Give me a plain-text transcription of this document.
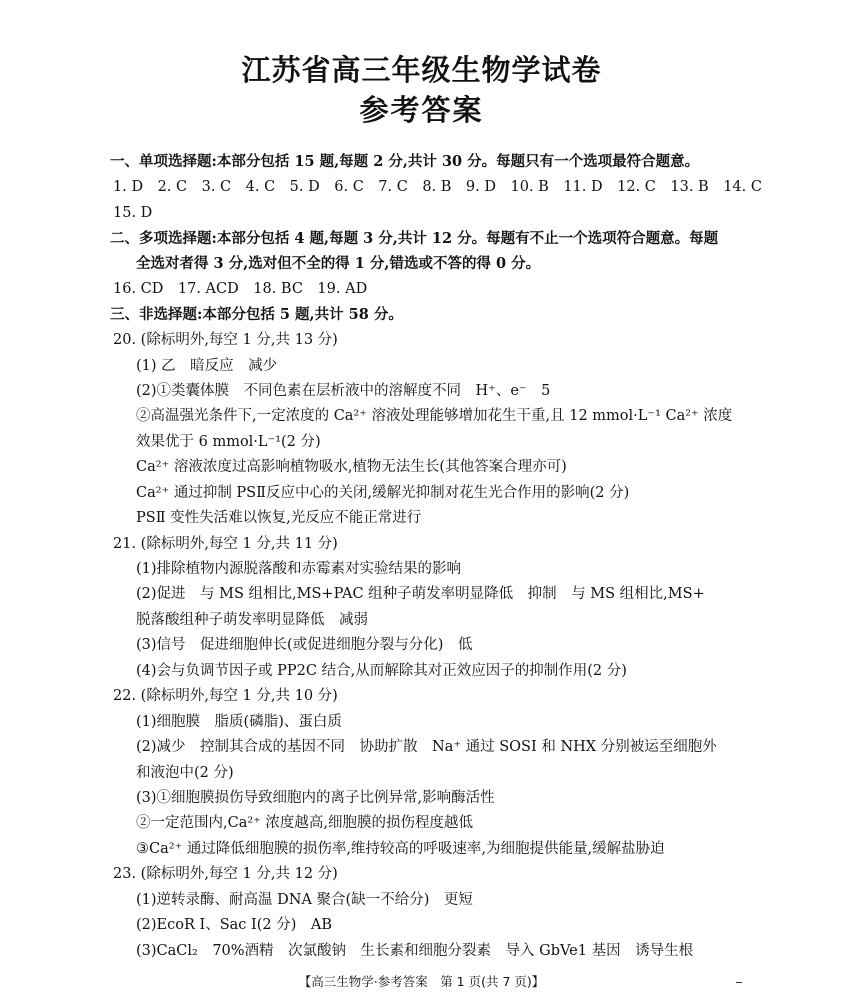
江苏省高三年级生物学试卷
参考答案
一、单项选择题:本部分包括 15 题,每题 2 分,共计 30 分。每题只有一个选项最符合题意。
1. D　2. C　3. C　4. C　5. D　6. C　7. C　8. B　9. D　10. B　11. D　12. C　13. B　14. C
15. D
二、多项选择题:本部分包括 4 题,每题 3 分,共计 12 分。每题有不止一个选项符合题意。每题
全选对者得 3 分,选对但不全的得 1 分,错选或不答的得 0 分。
16. CD　17. ACD　18. BC　19. AD
三、非选择题:本部分包括 5 题,共计 58 分。
20. (除标明外,每空 1 分,共 13 分)
(1) 乙　暗反应　减少
(2)①类囊体膜　不同色素在层析液中的溶解度不同　H⁺、e⁻　5
②高温强光条件下,一定浓度的 Ca²⁺ 溶液处理能够增加花生干重,且 12 mmol·L⁻¹ Ca²⁺ 浓度
效果优于 6 mmol·L⁻¹(2 分)
Ca²⁺ 溶液浓度过高影响植物吸水,植物无法生长(其他答案合理亦可)
Ca²⁺ 通过抑制 PSⅡ反应中心的关闭,缓解光抑制对花生光合作用的影响(2 分)
PSⅡ 变性失活难以恢复,光反应不能正常进行
21. (除标明外,每空 1 分,共 11 分)
(1)排除植物内源脱落酸和赤霉素对实验结果的影响
(2)促进　与 MS 组相比,MS+PAC 组种子萌发率明显降低　抑制　与 MS 组相比,MS+
脱落酸组种子萌发率明显降低　减弱
(3)信号　促进细胞伸长(或促进细胞分裂与分化)　低
(4)会与负调节因子或 PP2C 结合,从而解除其对正效应因子的抑制作用(2 分)
22. (除标明外,每空 1 分,共 10 分)
(1)细胞膜　脂质(磷脂)、蛋白质
(2)减少　控制其合成的基因不同　协助扩散　Na⁺ 通过 SOSI 和 NHX 分别被运至细胞外
和液泡中(2 分)
(3)①细胞膜损伤导致细胞内的离子比例异常,影响酶活性
②一定范围内,Ca²⁺ 浓度越高,细胞膜的损伤程度越低
③Ca²⁺ 通过降低细胞膜的损伤率,维持较高的呼吸速率,为细胞提供能量,缓解盐胁迫
23. (除标明外,每空 1 分,共 12 分)
(1)逆转录酶、耐高温 DNA 聚合(缺一不给分)　更短
(2)EcoR Ⅰ、Sac Ⅰ(2 分)　AB
(3)CaCl₂　70%酒精　次氯酸钠　生长素和细胞分裂素　导入 GbVe1 基因　诱导生根
【高三生物学·参考答案　第 1 页(共 7 页)】
